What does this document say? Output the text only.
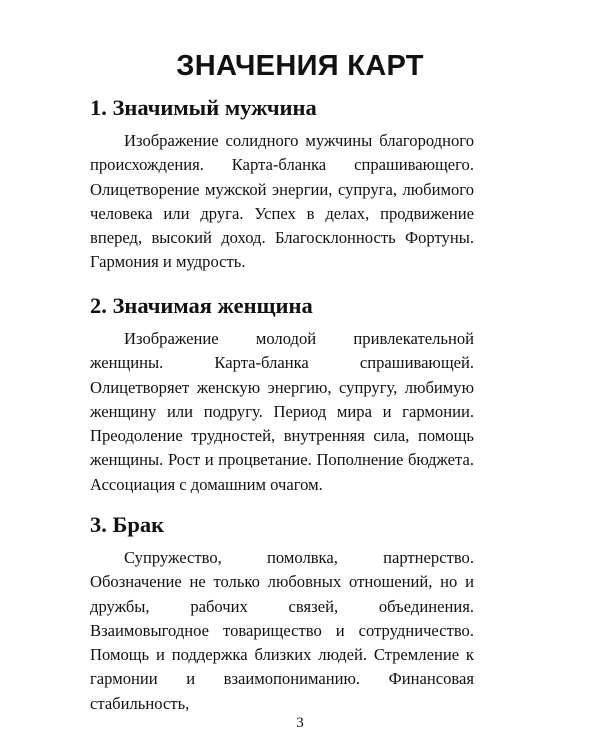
ЗНАЧЕНИЯ КАРТ
1. Значимый мужчина

Изображение солидного мужчины благородного происхождения. Карта-бланка спрашивающего. Олицетворение мужской энергии, супруга, любимого человека или друга. Успех в делах, продвижение вперед, высокий доход. Благосклонность Фортуны. Гармония и мудрость.

2. Значимая женщина

Изображение молодой привлекательной женщины. Карта-бланка спрашивающей. Олицетворяет женскую энергию, супругу, любимую женщину или подругу. Период мира и гармонии. Преодоление трудностей, внутренняя сила, помощь женщины. Рост и процветание. Пополнение бюджета. Ассоциация с домашним очагом.

3. Брак

Супружество, помолвка, партнерство. Обозначение не только любовных отношений, но и дружбы, рабочих связей, объединения. Взаимовыгодное товарищество и сотрудничество. Помощь и поддержка близких людей. Стремление к гармонии и взаимопониманию. Финансовая стабильность,

3
